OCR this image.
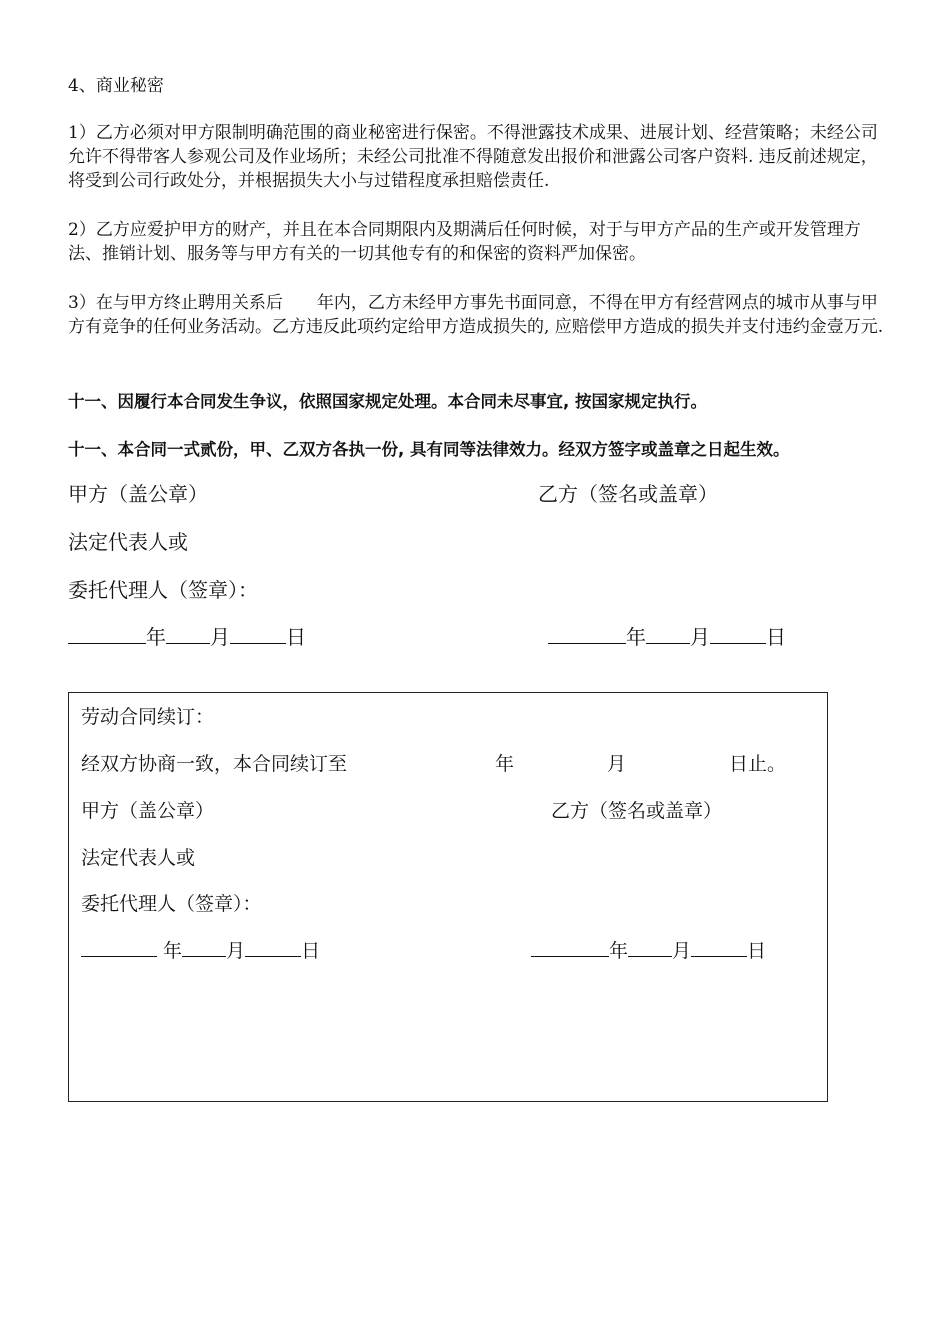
4、商业秘密
1）乙方必须对甲方限制明确范围的商业秘密进行保密。不得泄露技术成果、进展计划、经营策略；未经公司允许不得带客人参观公司及作业场所；未经公司批准不得随意发出报价和泄露公司客户资料. 违反前述规定，将受到公司行政处分，并根据损失大小与过错程度承担赔偿责任.
2）乙方应爱护甲方的财产，并且在本合同期限内及期满后任何时候，对于与甲方产品的生产或开发管理方法、推销计划、服务等与甲方有关的一切其他专有的和保密的资料严加保密。
3）在与甲方终止聘用关系后　　年内，乙方未经甲方事先书面同意，不得在甲方有经营网点的城市从事与甲方有竞争的任何业务活动。乙方违反此项约定给甲方造成损失的, 应赔偿甲方造成的损失并支付违约金壹万元.
十一、因履行本合同发生争议，依照国家规定处理。本合同未尽事宜, 按国家规定执行。
十一、本合同一式贰份，甲、乙双方各执一份, 具有同等法律效力。经双方签字或盖章之日起生效。
甲方（盖公章）	乙方（签名或盖章）
法定代表人或
委托代理人（签章）：
年 月	日	年 月	日
劳动合同续订：
经双方协商一致，本合同续订至	年	月	日止。
甲方（盖公章）	乙方（签名或盖章）
法定代表人或
委托代理人（签章）：
年 月	日	年 月	日
